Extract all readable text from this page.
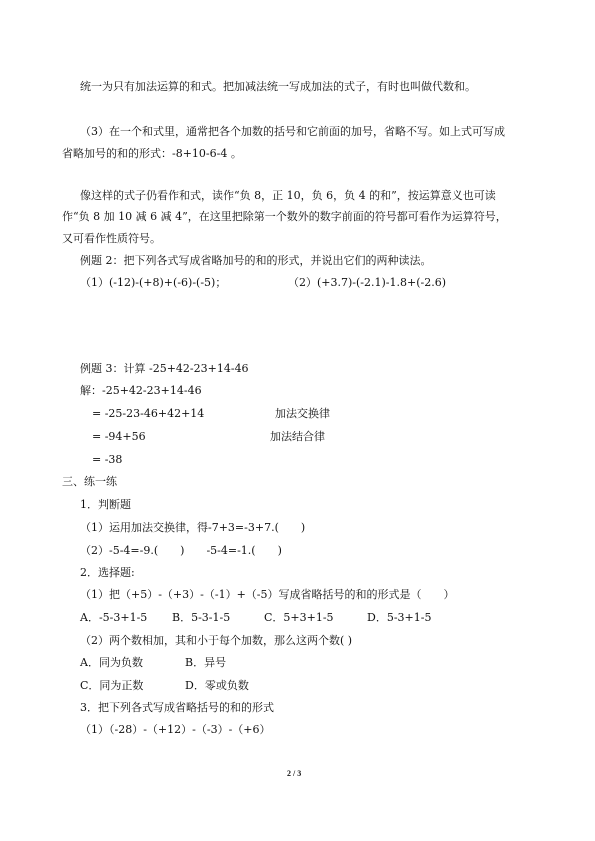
统一为只有加法运算的和式。把加减法统一写成加法的式子，有时也叫做代数和。
（3）在一个和式里，通常把各个加数的括号和它前面的加号，省略不写。如上式可写成
省略加号的和的形式：-8+10-6-4 。
像这样的式子仍看作和式，读作“负 8，正 10，负 6，负 4 的和”，按运算意义也可读
作“负 8 加 10 减 6 减 4”，在这里把除第一个数外的数字前面的符号都可看作为运算符号，
又可看作性质符号。
例题 2：把下列各式写成省略加号的和的形式，并说出它们的两种读法。
（1）(-12)-(+8)+(-6)-(-5)；	（2）(+3.7)-(-2.1)-1.8+(-2.6)
例题 3：计算 -25+42-23+14-46
解：-25+42-23+14-46
= -25-23-46+42+14	加法交换律
= -94+56	加法结合律
= -38
三、练一练
1．判断题
（1）运用加法交换律，得-7+3=-3+7.(　　)
（2）-5-4=-9.(　　)　　-5-4=-1.(　　)
2．选择题:
（1）把（+5）-（+3）-（-1）+（-5）写成省略括号的和的形式是（　　）
A．-5-3+1-5 B．5-3-1-5	C．5+3+1-5	D．5-3+1-5
（2）两个数相加，其和小于每个加数，那么这两个数( )
A．同为负数	B．异号
C．同为正数	D．零或负数
3．把下列各式写成省略括号的和的形式
（1）（-28）-（+12）-（-3）-（+6）
2 / 3
